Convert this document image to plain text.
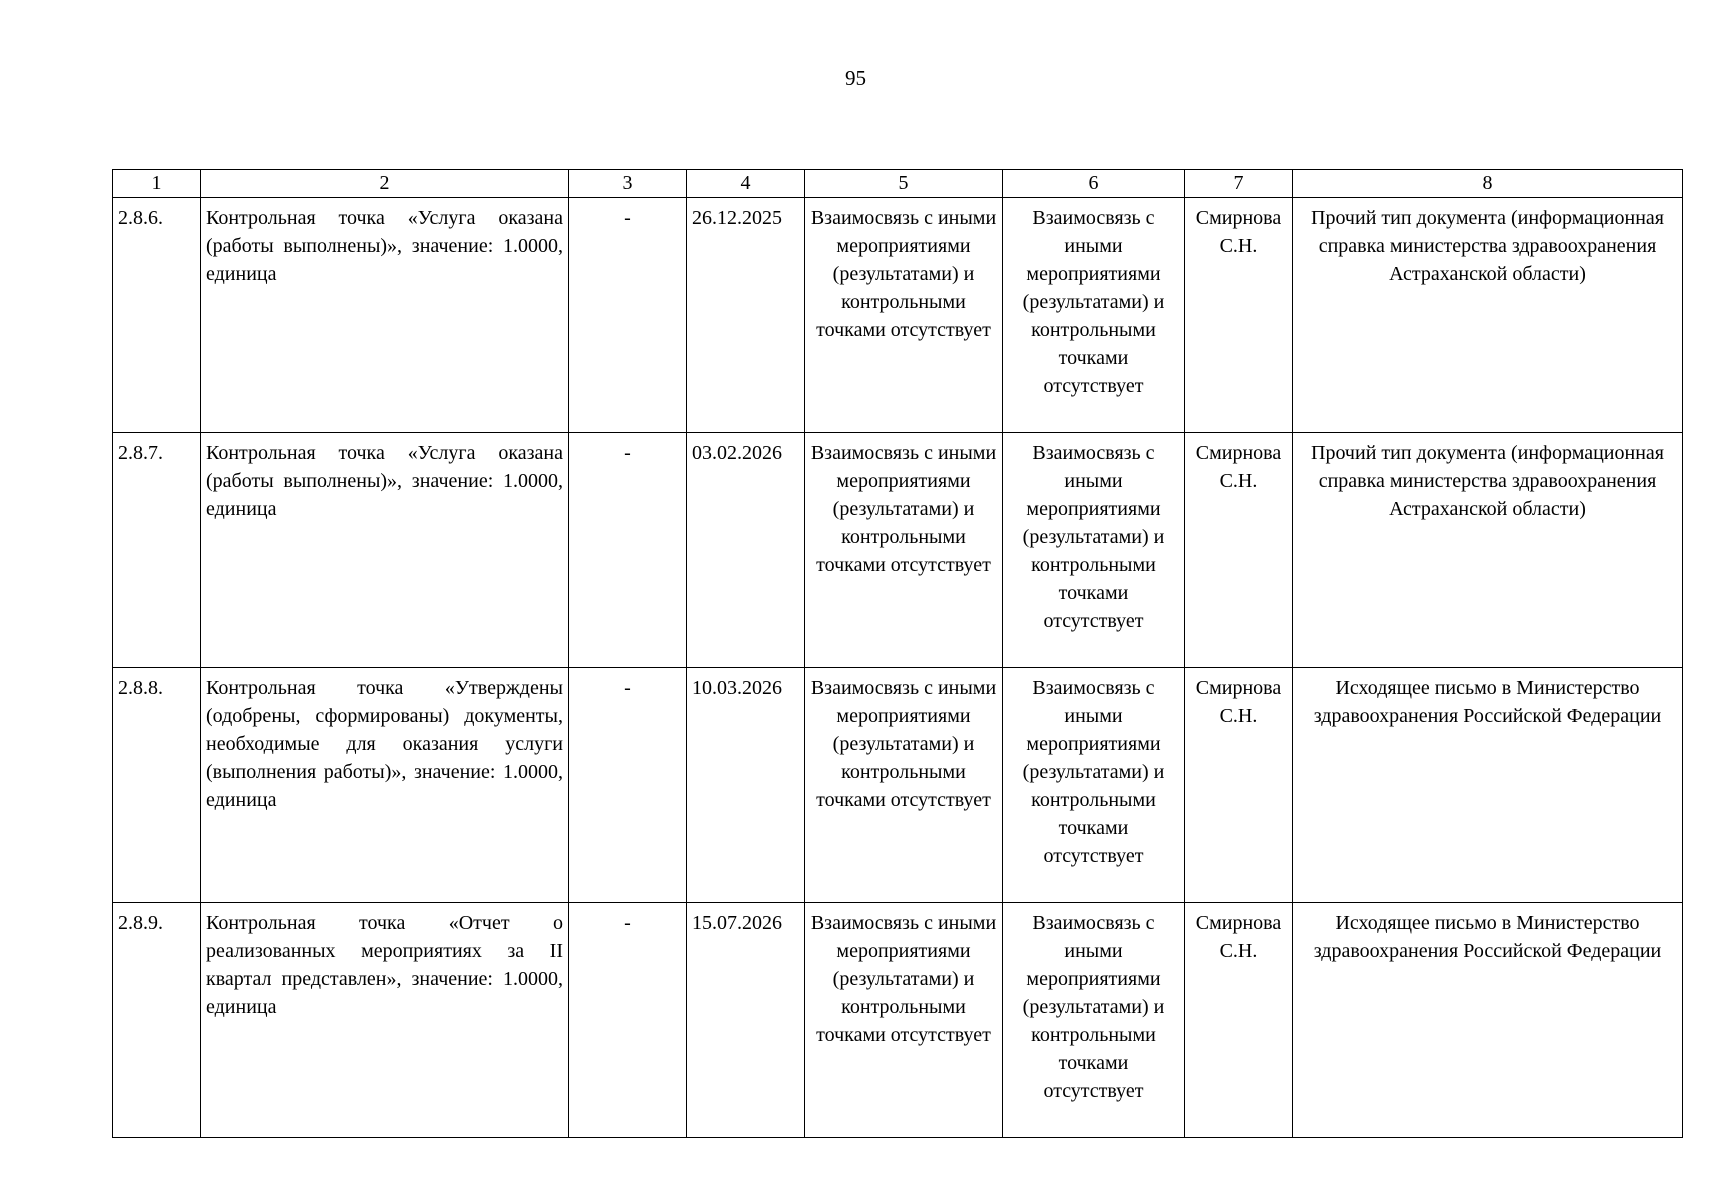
95
1	2	3	4	5	6	7	8
2.8.6.	Контрольная точка «Услуга оказана (работы выполнены)», значение: 1.0000, единица	-	26.12.2025	Взаимосвязь с иными мероприятиями (результатами) и контрольными точками отсутствует	Взаимосвязь с иными мероприятиями (результатами) и контрольными точками отсутствует	Смирнова С.Н.	Прочий тип документа (информационная справка министерства здравоохранения Астраханской области)
2.8.7.	Контрольная точка «Услуга оказана (работы выполнены)», значение: 1.0000, единица	-	03.02.2026	Взаимосвязь с иными мероприятиями (результатами) и контрольными точками отсутствует	Взаимосвязь с иными мероприятиями (результатами) и контрольными точками отсутствует	Смирнова С.Н.	Прочий тип документа (информационная справка министерства здравоохранения Астраханской области)
2.8.8.	Контрольная точка «Утверждены (одобрены, сформированы) документы, необходимые для оказания услуги (выполнения работы)», значение: 1.0000, единица	-	10.03.2026	Взаимосвязь с иными мероприятиями (результатами) и контрольными точками отсутствует	Взаимосвязь с иными мероприятиями (результатами) и контрольными точками отсутствует	Смирнова С.Н.	Исходящее письмо в Министерство здравоохранения Российской Федерации
2.8.9.	Контрольная точка «Отчет о реализованных мероприятиях за II квартал представлен», значение: 1.0000, единица	-	15.07.2026	Взаимосвязь с иными мероприятиями (результатами) и контрольными точками отсутствует	Взаимосвязь с иными мероприятиями (результатами) и контрольными точками отсутствует	Смирнова С.Н.	Исходящее письмо в Министерство здравоохранения Российской Федерации
